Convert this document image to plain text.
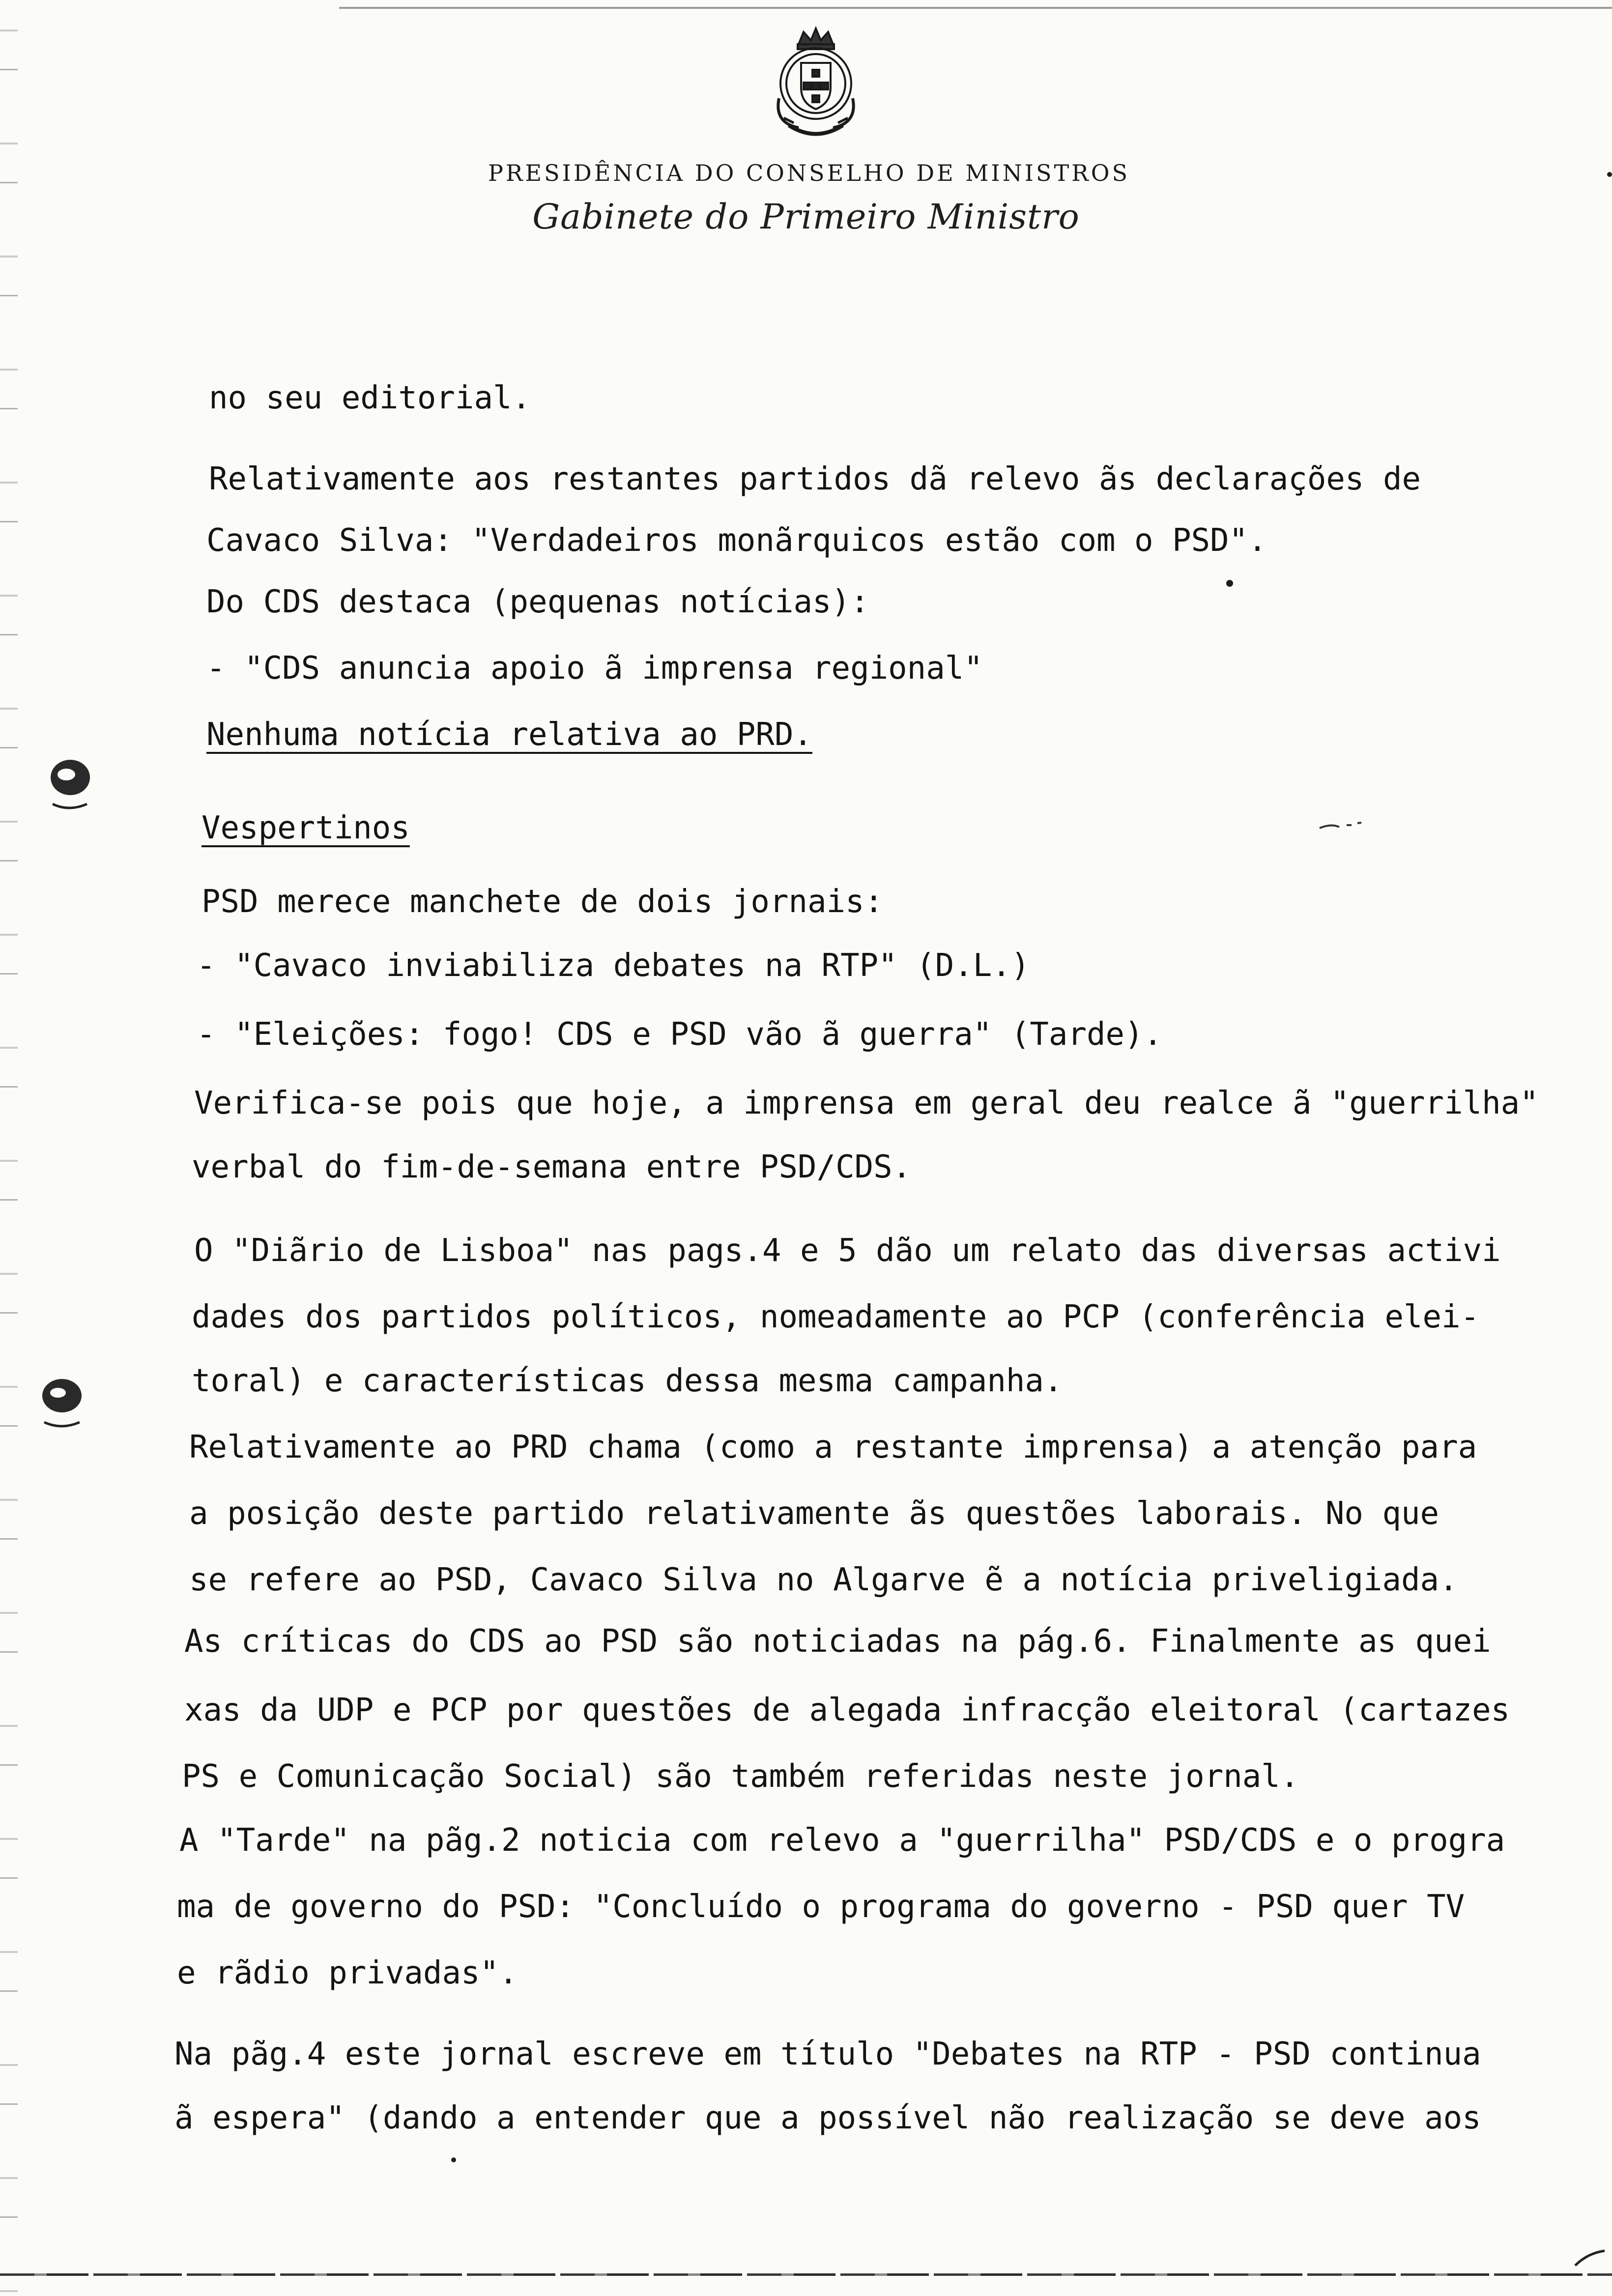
PRESIDÊNCIA DO CONSELHO DE MINISTROS
Gabinete do Primeiro Ministro
no seu editorial.
Relativamente aos restantes partidos dã relevo ãs declarações de
Cavaco Silva: "Verdadeiros monãrquicos estão com o PSD".
Do CDS destaca (pequenas notícias):
- "CDS anuncia apoio ã imprensa regional"
Nenhuma notícia relativa ao PRD.
Vespertinos
PSD merece manchete de dois jornais:
- "Cavaco inviabiliza debates na RTP" (D.L.)
- "Eleições: fogo! CDS e PSD vão ã guerra" (Tarde).
Verifica-se pois que hoje, a imprensa em geral deu realce ã "guerrilha"
verbal do fim-de-semana entre PSD/CDS.
O "Diãrio de Lisboa" nas pags.4 e 5 dão um relato das diversas activi
dades dos partidos políticos, nomeadamente ao PCP (conferência elei-
toral) e características dessa mesma campanha.
Relativamente ao PRD chama (como a restante imprensa) a atenção para
a posição deste partido relativamente ãs questões laborais. No que
se refere ao PSD, Cavaco Silva no Algarve ẽ a notícia priveligiada.
As críticas do CDS ao PSD são noticiadas na pág.6. Finalmente as quei
xas da UDP e PCP por questões de alegada infracção eleitoral (cartazes
PS e Comunicação Social) são também referidas neste jornal.
A "Tarde" na pãg.2 noticia com relevo a "guerrilha" PSD/CDS e o progra
ma de governo do PSD: "Concluído o programa do governo - PSD quer TV
e rãdio privadas".
Na pãg.4 este jornal escreve em título "Debates na RTP - PSD continua
ã espera" (dando a entender que a possível não realização se deve aos
